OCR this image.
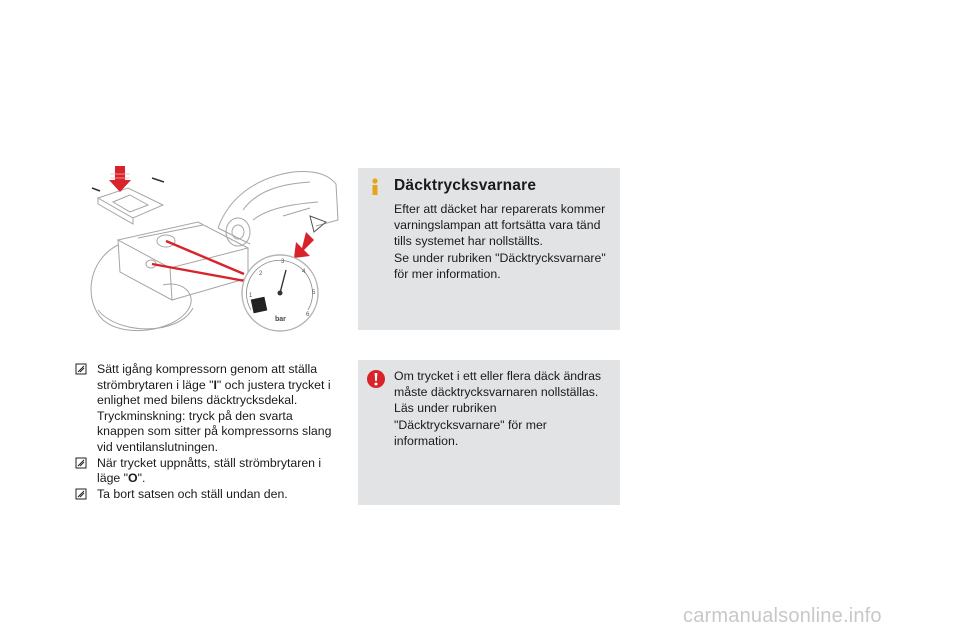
2
1
3
4
5
6
bar

Sätt igång kompressorn genom att ställa strömbrytaren i läge "I" och justera trycket i enlighet med bilens däcktrycksdekal.

Tryckminskning: tryck på den svarta knappen som sitter på kompressorns slang vid ventilanslutningen.

När trycket uppnåtts, ställ strömbrytaren i läge "O".

Ta bort satsen och ställ undan den.

Däcktrycksvarnare

Efter att däcket har reparerats kommer varningslampan att fortsätta vara tänd tills systemet har nollställts.

Se under rubriken "Däcktrycksvarnare" för mer information.

Om trycket i ett eller flera däck ändras måste däcktrycksvarnaren nollställas.

Läs under rubriken "Däcktrycksvarnare" för mer information.

carmanualsonline.info
